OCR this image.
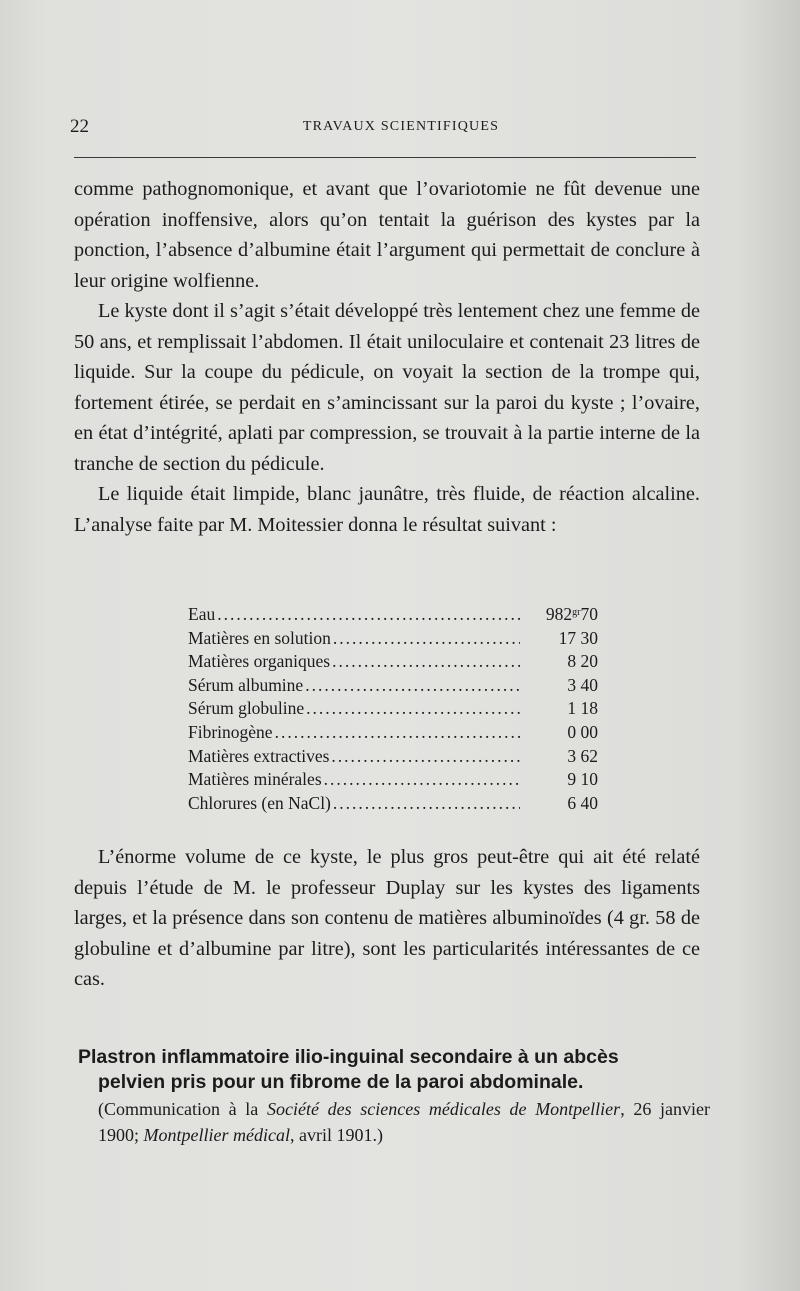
22	TRAVAUX SCIENTIFIQUES

comme pathognomonique, et avant que l’ovariotomie ne fût devenue une opération inoffensive, alors qu’on tentait la guérison des kystes par la ponction, l’absence d’albumine était l’argument qui permettait de conclure à leur origine wolfienne.

Le kyste dont il s’agit s’était développé très lentement chez une femme de 50 ans, et remplissait l’abdomen. Il était uniloculaire et contenait 23 litres de liquide. Sur la coupe du pédicule, on voyait la section de la trompe qui, fortement étirée, se perdait en s’amincissant sur la paroi du kyste ; l’ovaire, en état d’intégrité, aplati par compression, se trouvait à la partie interne de la tranche de section du pédicule.

Le liquide était limpide, blanc jaunâtre, très fluide, de réaction alcaline. L’analyse faite par M. Moitessier donna le résultat suivant :

Eau .....	$982^{gr}70$
Matières en solution .....	17 30
Matières organiques .....	8 20
Sérum albumine .....	3 40
Sérum globuline .....	1 18
Fibrinogène .....	0 00
Matières extractives .....	3 62
Matières minérales .....	9 10
Chlorures (en NaCl) .....	6 40

L’énorme volume de ce kyste, le plus gros peut-être qui ait été relaté depuis l’étude de M. le professeur Duplay sur les kystes des ligaments larges, et la présence dans son contenu de matières albuminoïdes (4 gr. 58 de globuline et d’albumine par litre), sont les particularités intéressantes de ce cas.

Plastron inflammatoire ilio-inguinal secondaire à un abcès
pelvien pris pour un fibrome de la paroi abdominale.
(Communication à la Société des sciences médicales de Montpellier, 26 janvier 1900; Montpellier médical, avril 1901.)
